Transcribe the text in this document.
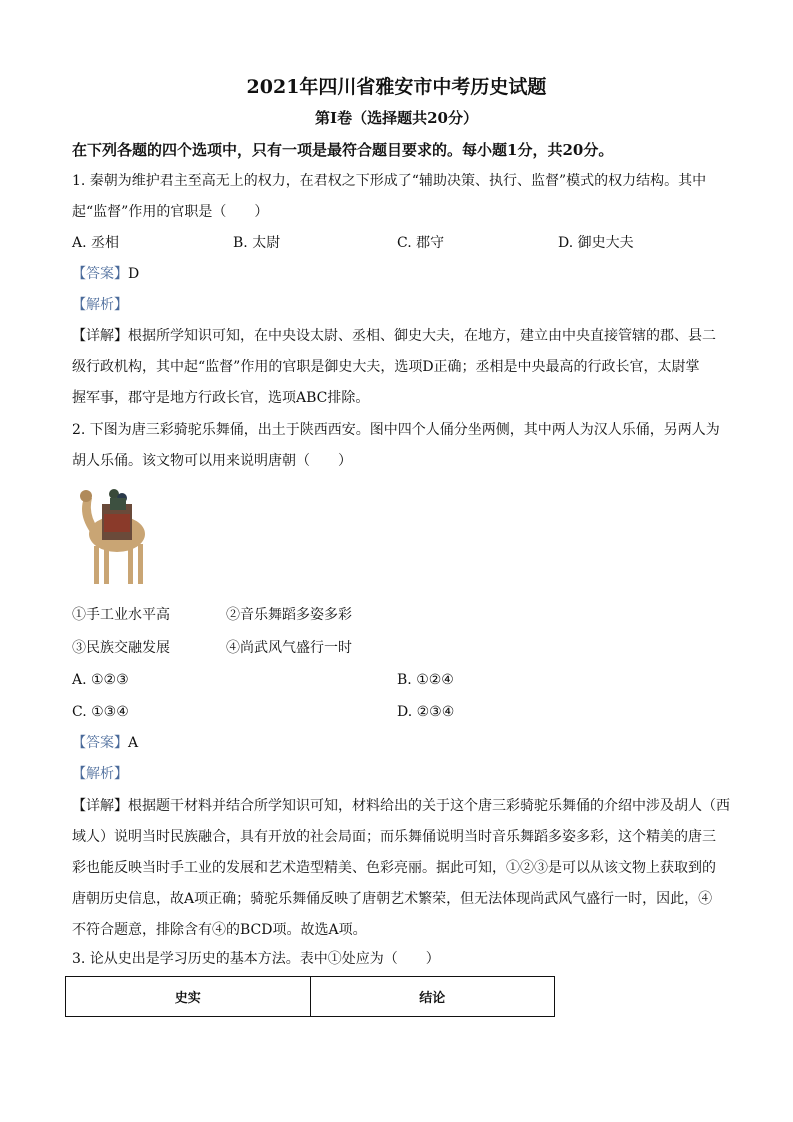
2021年四川省雅安市中考历史试题
第Ⅰ卷（选择题共20分）
在下列各题的四个选项中，只有一项是最符合题目要求的。每小题1分，共20分。
1. 秦朝为维护君主至高无上的权力，在君权之下形成了“辅助决策、执行、监督”模式的权力结构。其中
起“监督”作用的官职是（　　）
A. 丞相	B. 太尉	C. 郡守	D. 御史大夫
【答案】D
【解析】
【详解】根据所学知识可知，在中央设太尉、丞相、御史大夫，在地方，建立由中央直接管辖的郡、县二
级行政机构，其中起“监督”作用的官职是御史大夫，选项D正确；丞相是中央最高的行政长官，太尉掌
握军事，郡守是地方行政长官，选项ABC排除。
2. 下图为唐三彩骑驼乐舞俑，出土于陕西西安。图中四个人俑分坐两侧，其中两人为汉人乐俑，另两人为
胡人乐俑。该文物可以用来说明唐朝（　　）
①手工业水平高	②音乐舞蹈多姿多彩
③民族交融发展	④尚武风气盛行一时
A. ①②③	B. ①②④
C. ①③④	D. ②③④
【答案】A
【解析】
【详解】根据题干材料并结合所学知识可知，材料给出的关于这个唐三彩骑驼乐舞俑的介绍中涉及胡人（西
域人）说明当时民族融合，具有开放的社会局面；而乐舞俑说明当时音乐舞蹈多姿多彩，这个精美的唐三
彩也能反映当时手工业的发展和艺术造型精美、色彩亮丽。据此可知，①②③是可以从该文物上获取到的
唐朝历史信息，故A项正确；骑驼乐舞俑反映了唐朝艺术繁荣，但无法体现尚武风气盛行一时，因此，④
不符合题意，排除含有④的BCD项。故选A项。
3. 论从史出是学习历史的基本方法。表中①处应为（　　）
史实	结论
